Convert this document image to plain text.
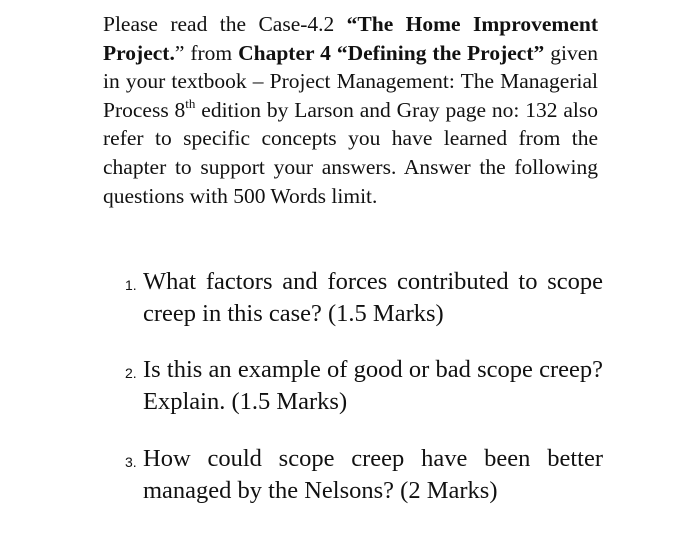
Please read the Case-4.2 “The Home Improvement Project.” from Chapter 4 “Defining the Project” given in your textbook – Project Management: The Managerial Process 8th edition by Larson and Gray page no: 132 also refer to specific concepts you have learned from the chapter to support your answers. Answer the following questions with 500 Words limit.
1. What factors and forces contributed to scope creep in this case? (1.5 Marks)
2. Is this an example of good or bad scope creep? Explain. (1.5 Marks)
3. How could scope creep have been better managed by the Nelsons? (2 Marks)
